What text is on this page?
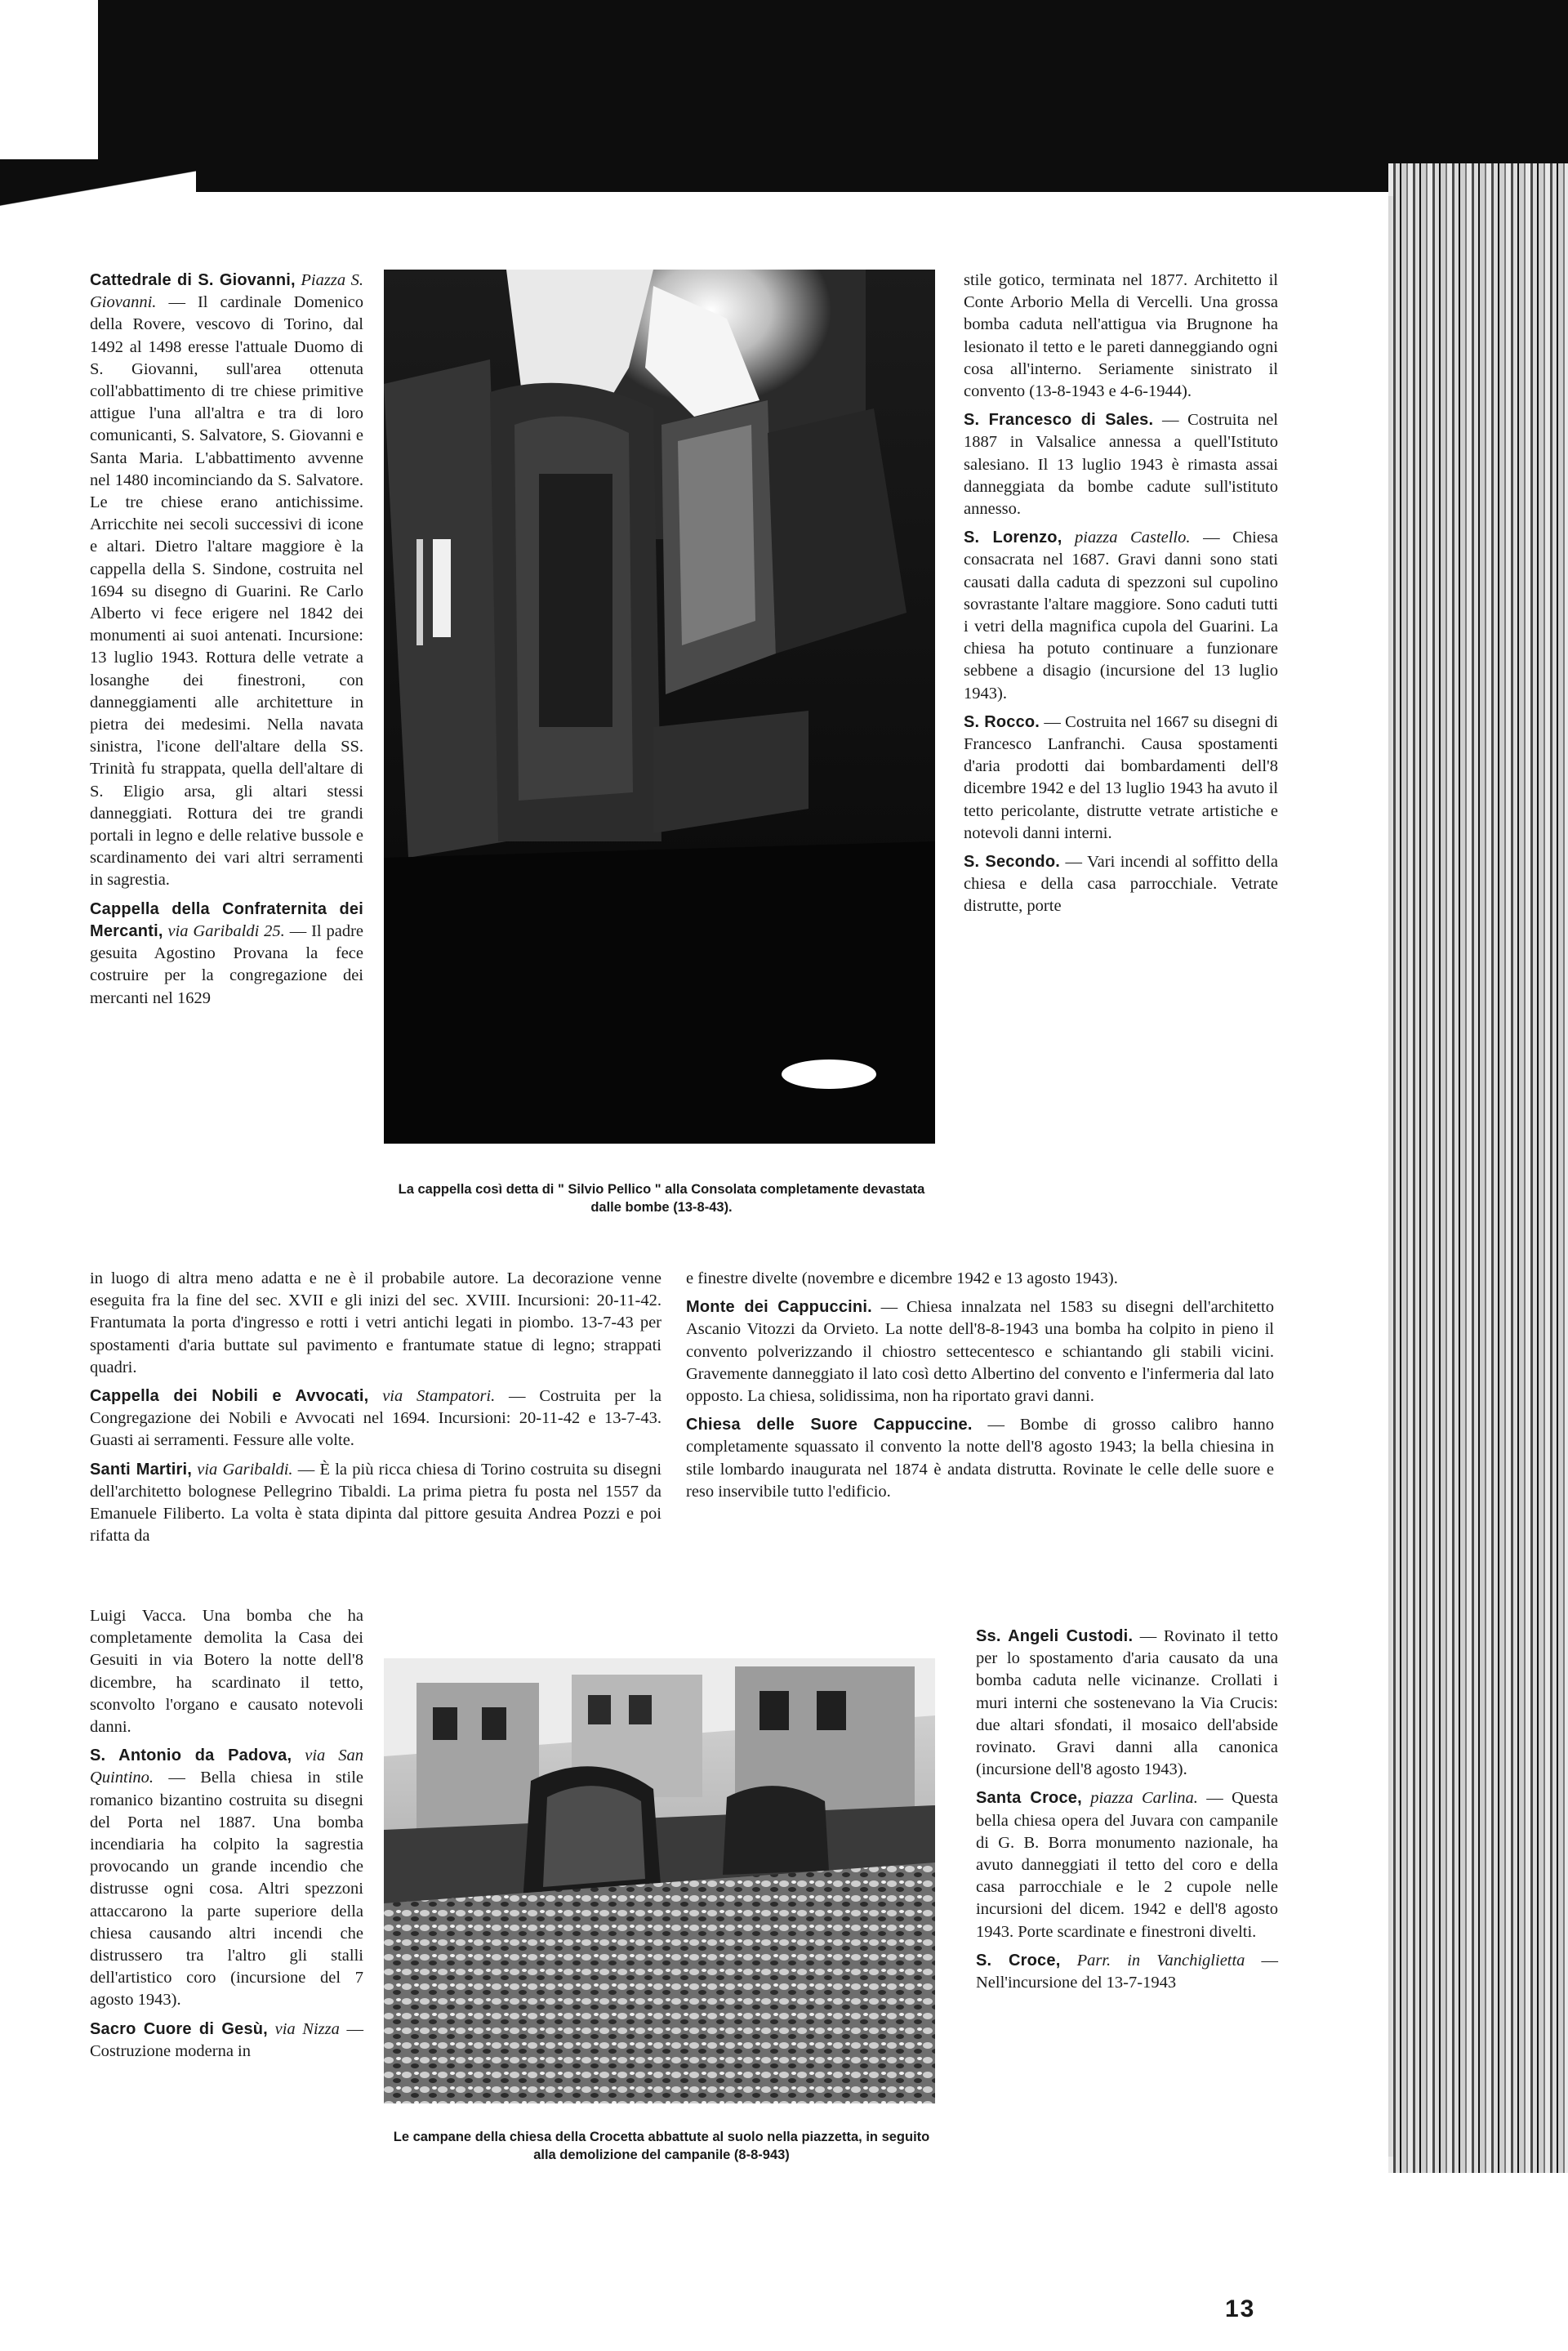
La cappella così detta di " Silvio Pellico " alla Consolata completamente devastata dalle bombe (13-8-43).
Le campane della chiesa della Crocetta abbattute al suolo nella piazzetta, in seguito alla demolizione del campanile (8-8-943)

Cattedrale di S. Giovanni, Piazza S. Giovanni. — Il cardinale Domenico della Rovere, vescovo di Torino, dal 1492 al 1498 eresse l'attuale Duomo di S. Giovanni, sull'area ottenuta coll'abbattimento di tre chiese primitive attigue l'una all'altra e tra di loro comunicanti, S. Salvatore, S. Giovanni e Santa Maria. L'abbattimento avvenne nel 1480 incominciando da S. Salvatore. Le tre chiese erano antichissime. Arricchite nei secoli successivi di icone e altari. Dietro l'altare maggiore è la cappella della S. Sindone, costruita nel 1694 su disegno di Guarini. Re Carlo Alberto vi fece erigere nel 1842 dei monumenti ai suoi antenati. Incursione: 13 luglio 1943. Rottura delle vetrate a losanghe dei finestroni, con danneggiamenti alle architetture in pietra dei medesimi. Nella navata sinistra, l'icone dell'altare della SS. Trinità fu strappata, quella dell'altare di S. Eligio arsa, gli altari stessi danneggiati. Rottura dei tre grandi portali in legno e delle relative bussole e scardinamento dei vari altri serramenti in sagrestia.

Cappella della Confraternita dei Mercanti, via Garibaldi 25. — Il padre gesuita Agostino Provana la fece costruire per la congregazione dei mercanti nel 1629

in luogo di altra meno adatta e ne è il probabile autore. La decorazione venne eseguita fra la fine del sec. XVII e gli inizi del sec. XVIII. Incursioni: 20-11-42. Frantumata la porta d'ingresso e rotti i vetri antichi legati in piombo. 13-7-43 per spostamenti d'aria buttate sul pavimento e frantumate statue di legno; strappati quadri.

Cappella dei Nobili e Avvocati, via Stampatori. — Costruita per la Congregazione dei Nobili e Avvocati nel 1694. Incursioni: 20-11-42 e 13-7-43. Guasti ai serramenti. Fessure alle volte.

Santi Martiri, via Garibaldi. — È la più ricca chiesa di Torino costruita su disegni dell'architetto bolognese Pellegrino Tibaldi. La prima pietra fu posta nel 1557 da Emanuele Filiberto. La volta è stata dipinta dal pittore gesuita Andrea Pozzi e poi rifatta da

e finestre divelte (novembre e dicembre 1942 e 13 agosto 1943).

Monte dei Cappuccini. — Chiesa innalzata nel 1583 su disegni dell'architetto Ascanio Vitozzi da Orvieto. La notte dell'8-8-1943 una bomba ha colpito in pieno il convento polverizzando il chiostro settecentesco e schiantando gli stabili vicini. Gravemente danneggiato il lato così detto Albertino del convento e l'infermeria dal lato opposto. La chiesa, solidissima, non ha riportato gravi danni.

Chiesa delle Suore Cappuccine. — Bombe di grosso calibro hanno completamente squassato il convento la notte dell'8 agosto 1943; la bella chiesina in stile lombardo inaugurata nel 1874 è andata distrutta. Rovinate le celle delle suore e reso inservibile tutto l'edificio.

Luigi Vacca. Una bomba che ha completamente demolita la Casa dei Gesuiti in via Botero la notte dell'8 dicembre, ha scardinato il tetto, sconvolto l'organo e causato notevoli danni.

S. Antonio da Padova, via San Quintino. — Bella chiesa in stile romanico bizantino costruita su disegni del Porta nel 1887. Una bomba incendiaria ha colpito la sagrestia provocando un grande incendio che distrusse ogni cosa. Altri spezzoni attaccarono la parte superiore della chiesa causando altri incendi che distrussero tra l'altro gli stalli dell'artistico coro (incursione del 7 agosto 1943).

Sacro Cuore di Gesù, via Nizza — Costruzione moderna in

stile gotico, terminata nel 1877. Architetto il Conte Arborio Mella di Vercelli. Una grossa bomba caduta nell'attigua via Brugnone ha lesionato il tetto e le pareti danneggiando ogni cosa all'interno. Seriamente sinistrato il convento (13-8-1943 e 4-6-1944).

S. Francesco di Sales. — Costruita nel 1887 in Valsalice annessa a quell'Istituto salesiano. Il 13 luglio 1943 è rimasta assai danneggiata da bombe cadute sull'istituto annesso.

S. Lorenzo, piazza Castello. — Chiesa consacrata nel 1687. Gravi danni sono stati causati dalla caduta di spezzoni sul cupolino sovrastante l'altare maggiore. Sono caduti tutti i vetri della magnifica cupola del Guarini. La chiesa ha potuto continuare a funzionare sebbene a disagio (incursione del 13 luglio 1943).

S. Rocco. — Costruita nel 1667 su disegni di Francesco Lanfranchi. Causa spostamenti d'aria prodotti dai bombardamenti dell'8 dicembre 1942 e del 13 luglio 1943 ha avuto il tetto pericolante, distrutte vetrate artistiche e notevoli danni interni.

S. Secondo. — Vari incendi al soffitto della chiesa e della casa parrocchiale. Vetrate distrutte, porte

Ss. Angeli Custodi. — Rovinato il tetto per lo spostamento d'aria causato da una bomba caduta nelle vicinanze. Crollati i muri interni che sostenevano la Via Crucis: due altari sfondati, il mosaico dell'abside rovinato. Gravi danni alla canonica (incursione dell'8 agosto 1943).

Santa Croce, piazza Carlina. — Questa bella chiesa opera del Juvara con campanile di G. B. Borra monumento nazionale, ha avuto danneggiati il tetto del coro e della casa parrocchiale e le 2 cupole nelle incursioni del dicem. 1942 e dell'8 agosto 1943. Porte scardinate e finestroni divelti.

S. Croce, Parr. in Vanchiglietta — Nell'incursione del 13-7-1943

13
